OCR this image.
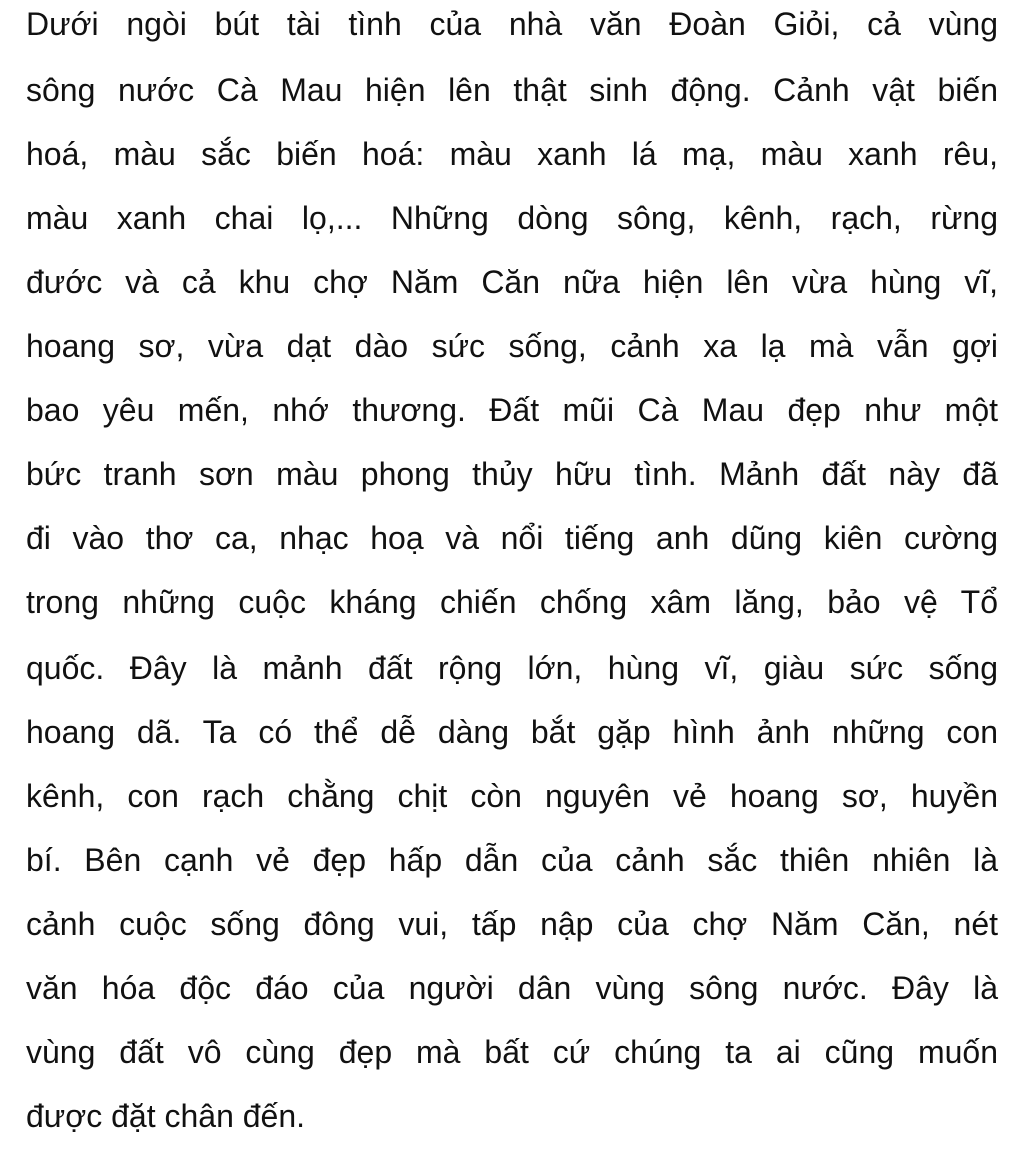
Dưới ngòi bút tài tình của nhà văn Đoàn Giỏi, cả vùng
sông nước Cà Mau hiện lên thật sinh động. Cảnh vật biến
hoá, màu sắc biến hoá: màu xanh lá mạ, màu xanh rêu,
màu xanh chai lọ,... Những dòng sông, kênh, rạch, rừng
đước và cả khu chợ Năm Căn nữa hiện lên vừa hùng vĩ,
hoang sơ, vừa dạt dào sức sống, cảnh xa lạ mà vẫn gợi
bao yêu mến, nhớ thương. Đất mũi Cà Mau đẹp như một
bức tranh sơn màu phong thủy hữu tình. Mảnh đất này đã
đi vào thơ ca, nhạc hoạ và nổi tiếng anh dũng kiên cường
trong những cuộc kháng chiến chống xâm lăng, bảo vệ Tổ
quốc. Đây là mảnh đất rộng lớn, hùng vĩ, giàu sức sống
hoang dã. Ta có thể dễ dàng bắt gặp hình ảnh những con
kênh, con rạch chằng chịt còn nguyên vẻ hoang sơ, huyền
bí. Bên cạnh vẻ đẹp hấp dẫn của cảnh sắc thiên nhiên là
cảnh cuộc sống đông vui, tấp nập của chợ Năm Căn, nét
văn hóa độc đáo của người dân vùng sông nước. Đây là
vùng đất vô cùng đẹp mà bất cứ chúng ta ai cũng muốn
được đặt chân đến.
